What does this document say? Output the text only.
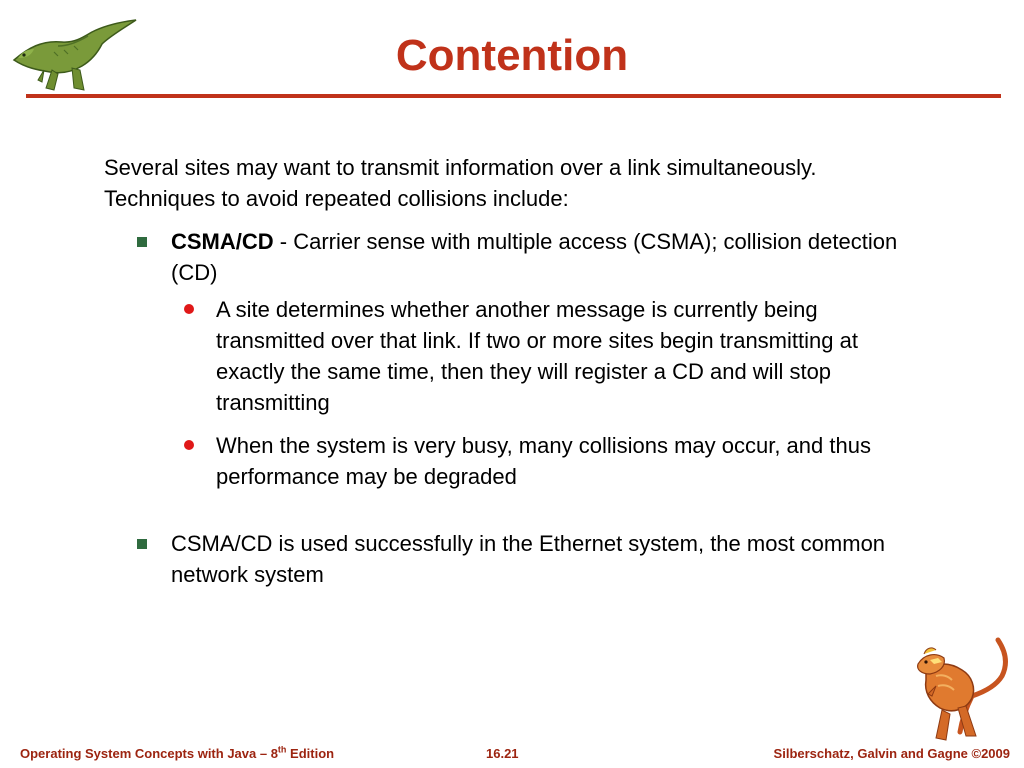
Contention

Several sites may want to transmit information over a link simultaneously. Techniques to avoid repeated collisions include:

CSMA/CD - Carrier sense with multiple access (CSMA); collision detection (CD)
A site determines whether another message is currently being transmitted over that link. If two or more sites begin transmitting at exactly the same time, then they will register a CD and will stop transmitting
When the system is very busy, many collisions may occur, and thus performance may be degraded
CSMA/CD is used successfully in the Ethernet system, the most common network system
Operating System Concepts with Java – 8th Edition	16.21	Silberschatz, Galvin and Gagne ©2009
